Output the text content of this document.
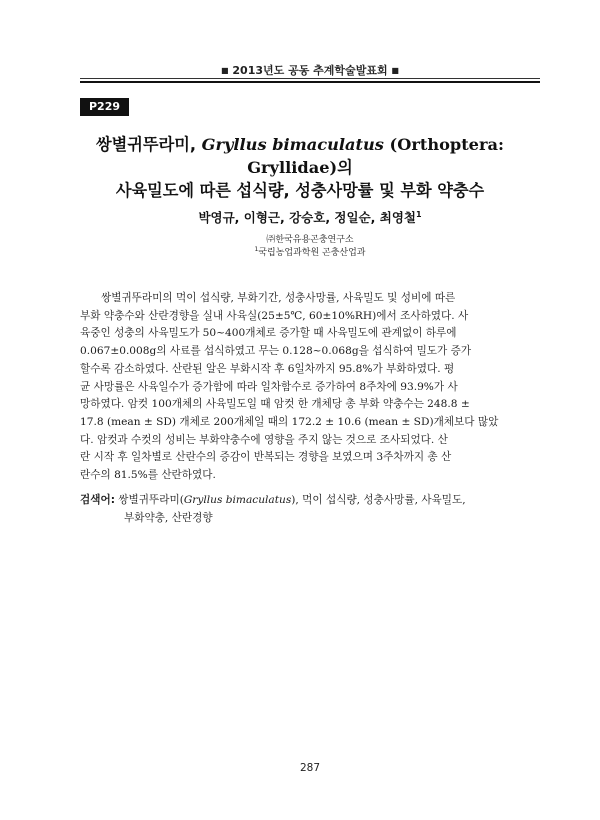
■ 2013년도 공동 추계학술발표회 ■
P229
쌍별귀뚜라미, Gryllus bimaculatus (Orthoptera: Gryllidae)의
사육밀도에 따른 섭식량, 성충사망률 및 부화 약충수
박영규, 이형근, 강승호, 정일순, 최영철$^1$
㈜한국유용곤충연구소
$^1$국립농업과학원 곤충산업과
쌍별귀뚜라미의 먹이 섭식량, 부화기간, 성충사망률, 사육밀도 및 성비에 따른
부화 약충수와 산란경향을 실내 사육실(25±5℃, 60±10%RH)에서 조사하였다. 사
육중인 성충의 사육밀도가 50~400개체로 증가할 때 사육밀도에 관계없이 하루에
0.067±0.008g의 사료를 섭식하였고 무는 0.128~0.068g을 섭식하여 밀도가 증가
할수록 감소하였다. 산란된 알은 부화시작 후 6일차까지 95.8%가 부화하였다. 평
균 사망률은 사육일수가 증가함에 따라 일차함수로 증가하여 8주차에 93.9%가 사
망하였다. 암컷 100개체의 사육밀도일 때 암컷 한 개체당 총 부화 약충수는 248.8 ±
17.8 (mean ± SD) 개체로 200개체일 때의 172.2 ± 10.6 (mean ± SD)개체보다 많았
다. 암컷과 수컷의 성비는 부화약충수에 영향을 주지 않는 것으로 조사되었다. 산
란 시작 후 일차별로 산란수의 증감이 반복되는 경향을 보였으며 3주차까지 총 산
란수의 81.5%를 산란하였다.
검색어: 쌍별귀뚜라미(Gryllus bimaculatus), 먹이 섭식량, 성충사망률, 사육밀도,
부화약충, 산란경향
287
